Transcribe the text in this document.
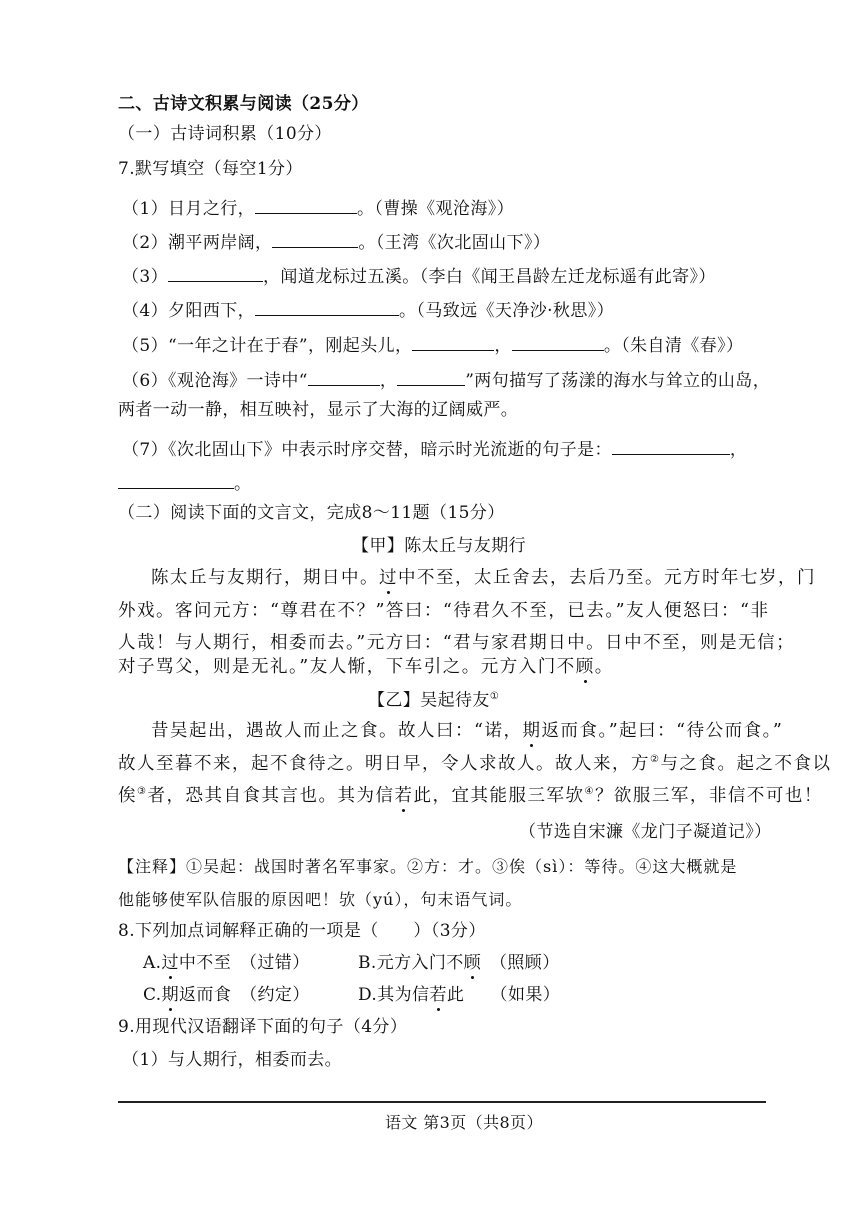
二、古诗文积累与阅读（25分）
（一）古诗词积累（10分）
7.默写填空（每空1分）
（1）日月之行，	。（曹操《观沧海》）
（2）潮平两岸阔，	。（王湾《次北固山下》）
（3）	，闻道龙标过五溪。（李白《闻王昌龄左迁龙标遥有此寄》）
（4）夕阳西下，	。（马致远《天净沙·秋思》）
（5）“一年之计在于春”，刚起头儿，	，	。（朱自清《春》）
（6）《观沧海》一诗中“	，	”两句描写了荡漾的海水与耸立的山岛，
两者一动一静，相互映衬，显示了大海的辽阔威严。
（7）《次北固山下》中表示时序交替，暗示时光流逝的句子是：	，
。
（二）阅读下面的文言文，完成8～11题（15分）
【甲】陈太丘与友期行
陈太丘与友期行，期日中。过中不至，太丘舍去，去后乃至。元方时年七岁，门
外戏。客问元方：“尊君在不？”答曰：“待君久不至，已去。”友人便怒曰：“非
人哉！与人期行，相委而去。”元方曰：“君与家君期日中。日中不至，则是无信；
对子骂父，则是无礼。”友人惭，下车引之。元方入门不顾。
【乙】吴起待友①
昔吴起出，遇故人而止之食。故人曰：“诺，期返而食。”起曰：“待公而食。”
故人至暮不来，起不食待之。明日早，令人求故人。故人来，方②与之食。起之不食以
俟③者，恐其自食其言也。其为信若此，宜其能服三军欤④？欲服三军，非信不可也！
（节选自宋濂《龙门子凝道记》）
【注释】①吴起：战国时著名军事家。②方：才。③俟（sì）：等待。④这大概就是
他能够使军队信服的原因吧！欤（yú），句末语气词。
8.下列加点词解释正确的一项是（　　）（3分）
A.过中不至　（过错）	B.元方入门不顾　（照顾）
C.期返而食　（约定）	D.其为信若此　　（如果）
9.用现代汉语翻译下面的句子（4分）
（1）与人期行，相委而去。
语文 第3页（共8页）
